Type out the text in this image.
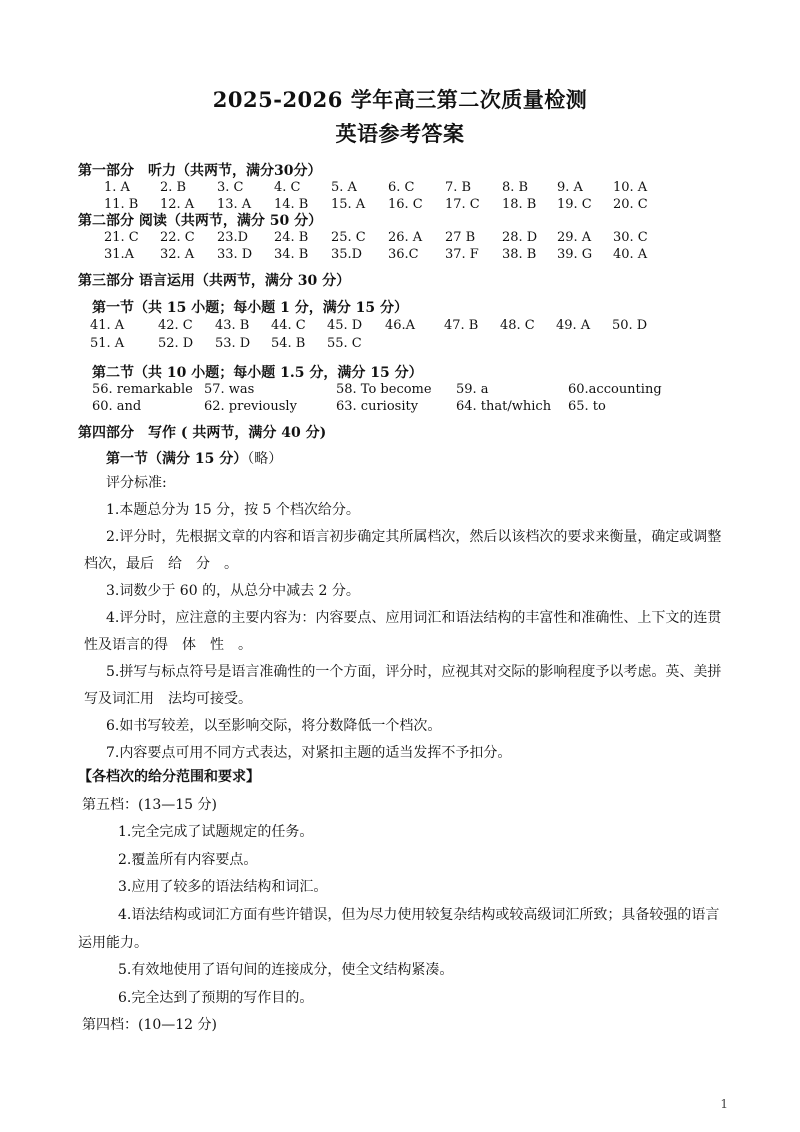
2025-2026 学年高三第二次质量检测
英语参考答案
第一部分　听力（共两节，满分30分）
1. A 2. B 3. C 4. C 5. A 6. C 7. B 8. B 9. A 10. A
11. B 12. A 13. A 14. B 15. A 16. C 17. C 18. B 19. C 20. C
第二部分 阅读（共两节，满分 50 分）
21. C 22. C 23.D 24. B 25. C 26. A 27 B 28. D 29. A 30. C
31.A 32. A 33. D 34. B 35.D 36.C 37. F 38. B 39. G 40. A
第三部分 语言运用（共两节，满分 30 分）
第一节（共 15 小题；每小题 1 分，满分 15 分）
41. A	42. C 43. B 44. C 45. D 46.A 47. B 48. C 49. A 50. D
51. A	52. D 53. D 54. B 55. C
第二节（共 10 小题；每小题 1.5 分，满分 15 分）
56. remarkable 57. was	58. To become 59. a	60.accounting
60. and	62. previously	63. curiosity	64. that/which 65. to
第四部分　写作 ( 共两节，满分 40 分)
第一节（满分 15 分）（略）

评分标准:

1.本题总分为 15 分，按 5 个档次给分。

2.评分时，先根据文章的内容和语言初步确定其所属档次，然后以该档次的要求来衡量，确定或调整档次，最后　给　分　。

3.词数少于 60 的，从总分中减去 2 分。

4.评分时，应注意的主要内容为：内容要点、应用词汇和语法结构的丰富性和准确性、上下文的连贯性及语言的得　体　性　。

5.拼写与标点符号是语言准确性的一个方面，评分时，应视其对交际的影响程度予以考虑。英、美拼写及词汇用　法均可接受。

6.如书写较差，以至影响交际，将分数降低一个档次。

7.内容要点可用不同方式表达，对紧扣主题的适当发挥不予扣分。

【各档次的给分范围和要求】

第五档：(13—15 分)

1.完全完成了试题规定的任务。

2.覆盖所有内容要点。

3.应用了较多的语法结构和词汇。

4.语法结构或词汇方面有些许错误，但为尽力使用较复杂结构或较高级词汇所致；具备较强的语言运用能力。

5.有效地使用了语句间的连接成分，使全文结构紧凑。

6.完全达到了预期的写作目的。

第四档：(10—12 分)

1
